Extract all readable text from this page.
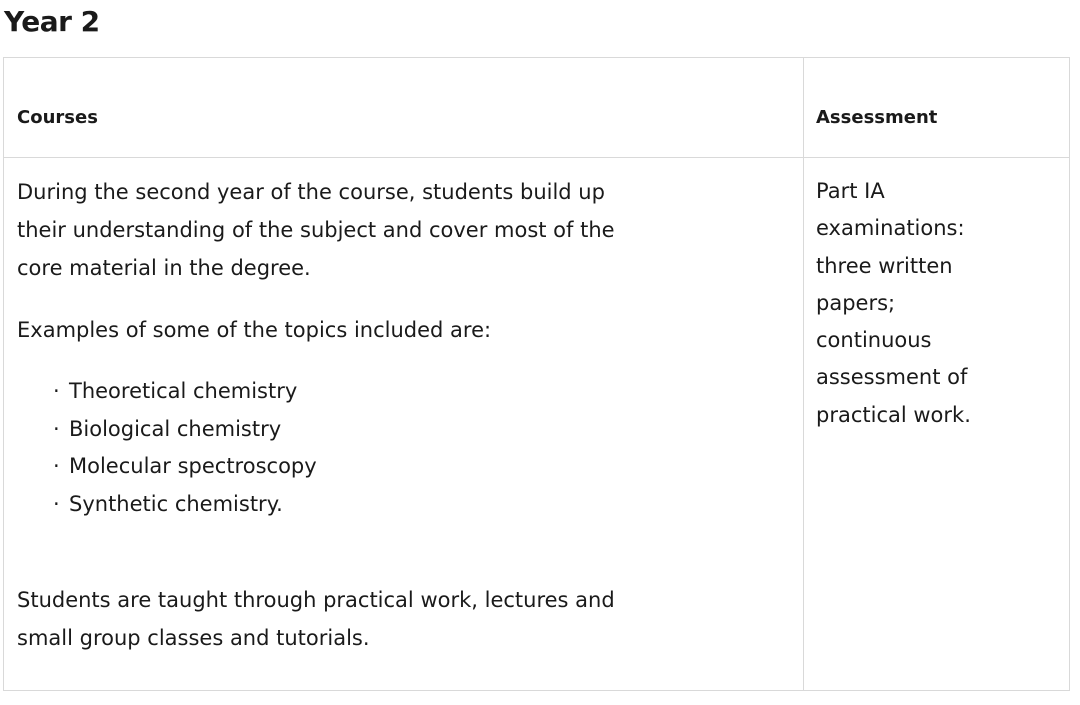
Year 2
Courses	Assessment

During the second year of the course, students build up their understanding of the subject and cover most of the core material in the degree.

Examples of some of the topics included are:

· Theoretical chemistry
· Biological chemistry
· Molecular spectroscopy
· Synthetic chemistry.

Students are taught through practical work, lectures and small group classes and tutorials.

Part IA
examinations:
three written
papers;
continuous
assessment of
practical work.
